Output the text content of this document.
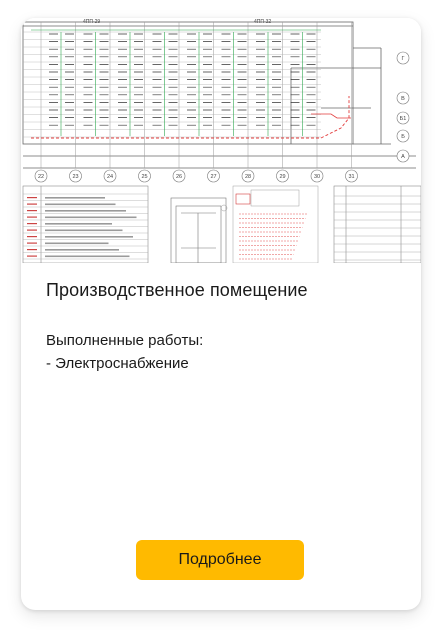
22	23	24	25	26	27	28	29	30	31
Г
В
Б1
Б
А
4ПП-29	4ПП-32
Производственное помещение
Выполненные работы:
- Электроснабжение
Подробнее
